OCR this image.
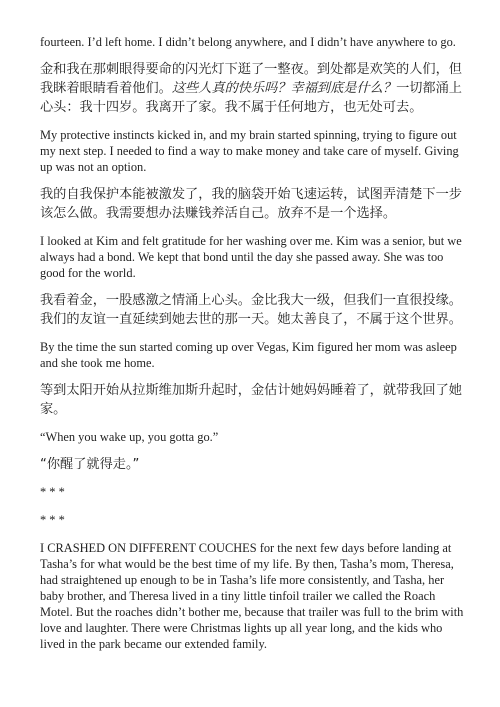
fourteen. I’d left home. I didn’t belong anywhere, and I didn’t have anywhere to go.

金和我在那刺眼得要命的闪光灯下逛了一整夜。到处都是欢笑的人们，但我眯着眼睛看着他们。这些人真的快乐吗？幸福到底是什么？一切都涌上心头：我十四岁。我离开了家。我不属于任何地方，也无处可去。

My protective instincts kicked in, and my brain started spinning, trying to figure out my next step. I needed to find a way to make money and take care of myself. Giving up was not an option.

我的自我保护本能被激发了，我的脑袋开始飞速运转，试图弄清楚下一步该怎么做。我需要想办法赚钱养活自己。放弃不是一个选择。

I looked at Kim and felt gratitude for her washing over me. Kim was a senior, but we always had a bond. We kept that bond until the day she passed away. She was too good for the world.

我看着金，一股感激之情涌上心头。金比我大一级，但我们一直很投缘。我们的友谊一直延续到她去世的那一天。她太善良了，不属于这个世界。

By the time the sun started coming up over Vegas, Kim figured her mom was asleep and she took me home.

等到太阳开始从拉斯维加斯升起时，金估计她妈妈睡着了，就带我回了她家。

“When you wake up, you gotta go.”

“你醒了就得走。”

* * *

* * *

I CRASHED ON DIFFERENT COUCHES for the next few days before landing at Tasha’s for what would be the best time of my life. By then, Tasha’s mom, Theresa, had straightened up enough to be in Tasha’s life more consistently, and Tasha, her baby brother, and Theresa lived in a tiny little tinfoil trailer we called the Roach Motel. But the roaches didn’t bother me, because that trailer was full to the brim with love and laughter. There were Christmas lights up all year long, and the kids who lived in the park became our extended family.
